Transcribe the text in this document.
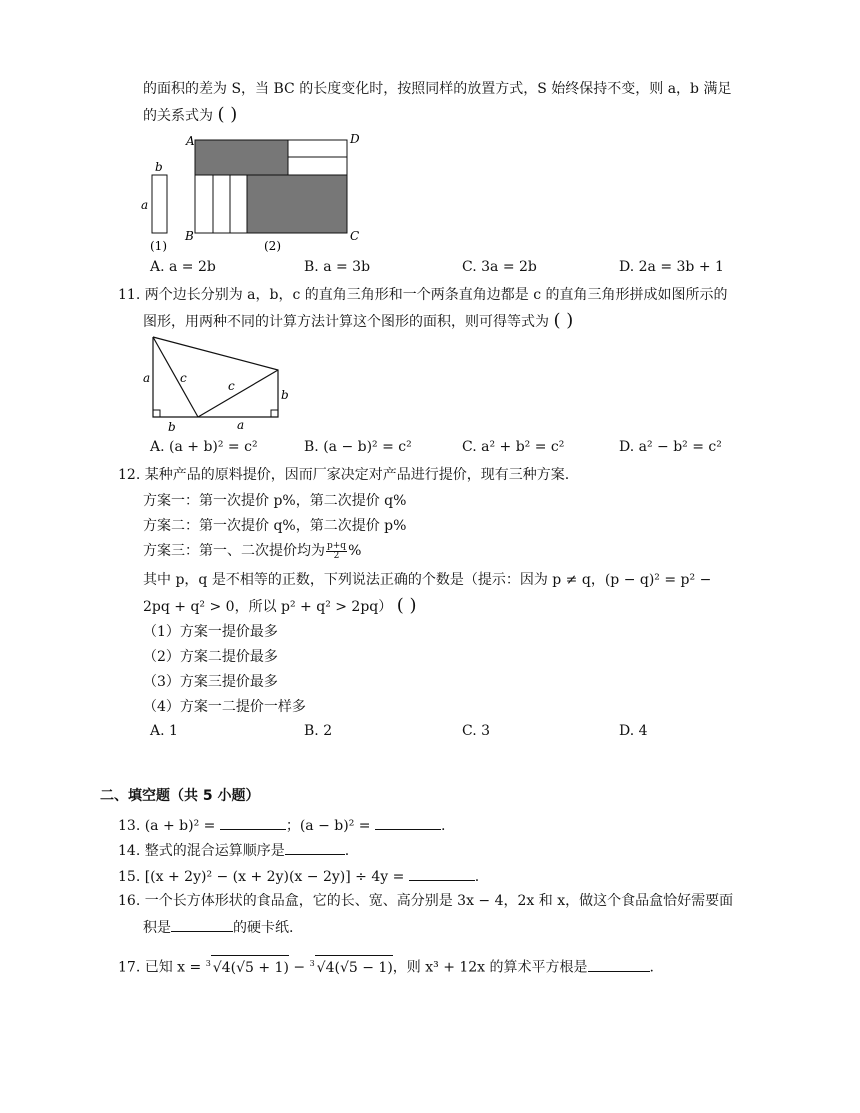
的面积的差为 S，当 BC 的长度变化时，按照同样的放置方式，S 始终保持不变，则 a，b 满足
的关系式为 ( )
b
a
(1)
A	D
B	C
(2)
A. a = 2b	B. a = 3b	C. 3a = 2b	D. 2a = 3b + 1
11. 两个边长分别为 a，b，c 的直角三角形和一个两条直角边都是 c 的直角三角形拼成如图所示的
图形，用两种不同的计算方法计算这个图形的面积，则可得等式为 ( )
a c
c
b
b	a
A. (a + b)² = c²	B. (a − b)² = c²	C. a² + b² = c²	D. a² − b² = c²
12. 某种产品的原料提价，因而厂家决定对产品进行提价，现有三种方案.
方案一：第一次提价 p%，第二次提价 q%
方案二：第一次提价 q%，第二次提价 p%
方案三：第一、二次提价均为 $\frac{p+q}{2}$ %
其中 p，q 是不相等的正数，下列说法正确的个数是（提示：因为 p ≠ q，(p − q)² = p² −
2pq + q² > 0，所以 p² + q² > 2pq） ( )
（1）方案一提价最多
（2）方案二提价最多
（3）方案三提价最多
（4）方案一二提价一样多
A. 1	B. 2	C. 3	D. 4
二、填空题（共 5 小题）
13. (a + b)² =	；(a − b)² =	.
14. 整式的混合运算顺序是	.
15. [(x + 2y)² − (x + 2y)(x − 2y)] ÷ 4y =	.
16. 一个长方体形状的食品盒，它的长、宽、高分别是 3x − 4，2x 和 x，做这个食品盒恰好需要面
积是	的硬卡纸.
17. 已知 x = $^3$ √4(√5 + 1) − $^3$ √4(√5 − 1)，则 x³ + 12x 的算术平方根是	.
